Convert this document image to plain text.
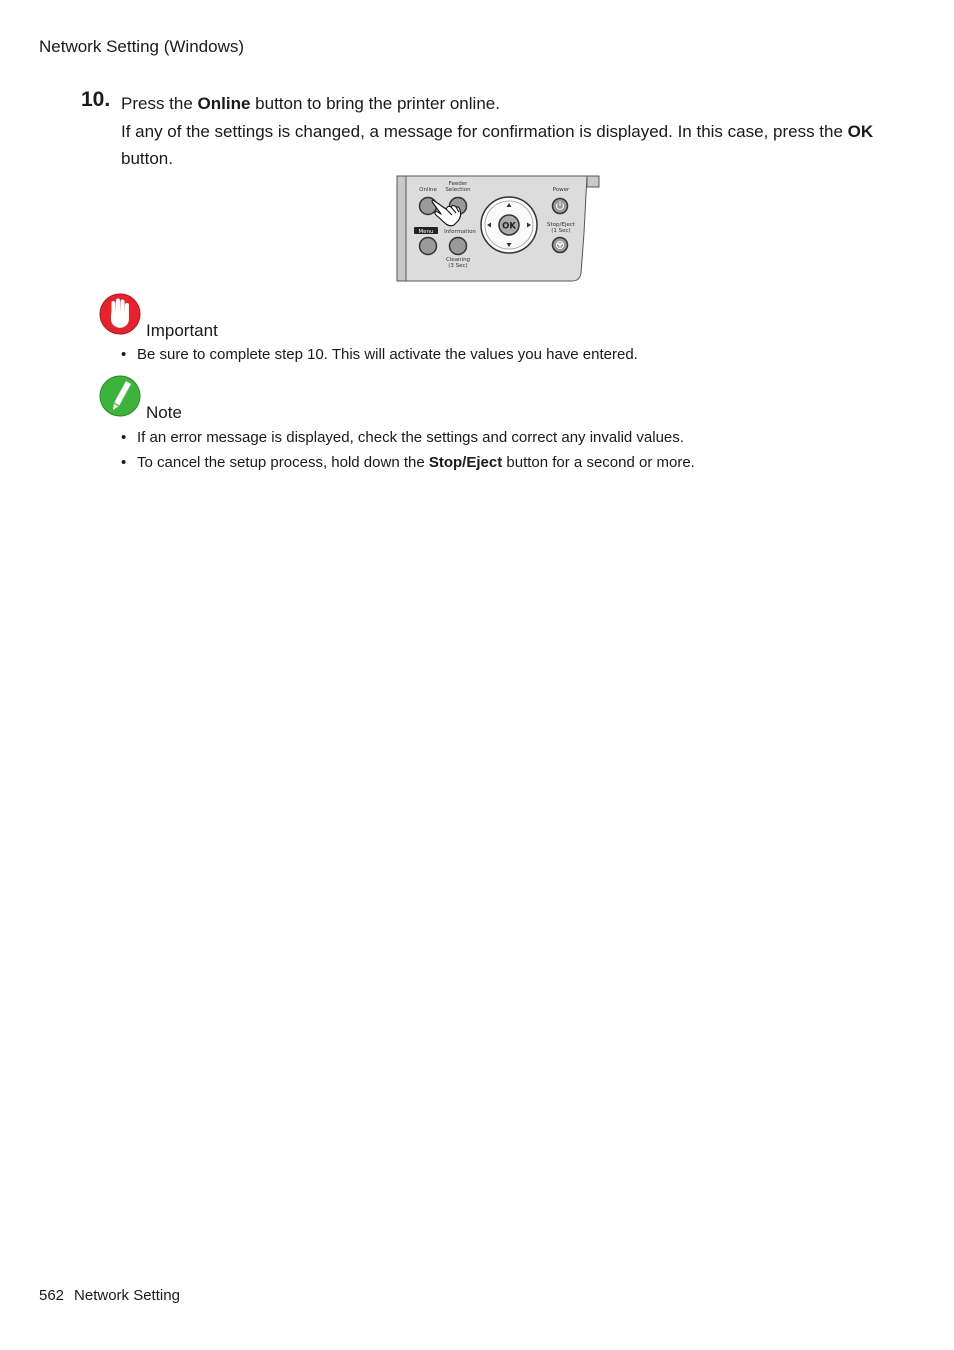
Network Setting (Windows)
10. Press the Online button to bring the printer online.

If any of the settings is changed, a message for confirmation is displayed. In this case, press the OK button.

Online
Feeder
Selection	Power
Menu Information
Cleaning
(3 Sec)
OK	Stop/Eject
(1 Sec)
Important
• Be sure to complete step 10. This will activate the values you have entered.
Note
• If an error message is displayed, check the settings and correct any invalid values.
• To cancel the setup process, hold down the Stop/Eject button for a second or more.
562 Network Setting
